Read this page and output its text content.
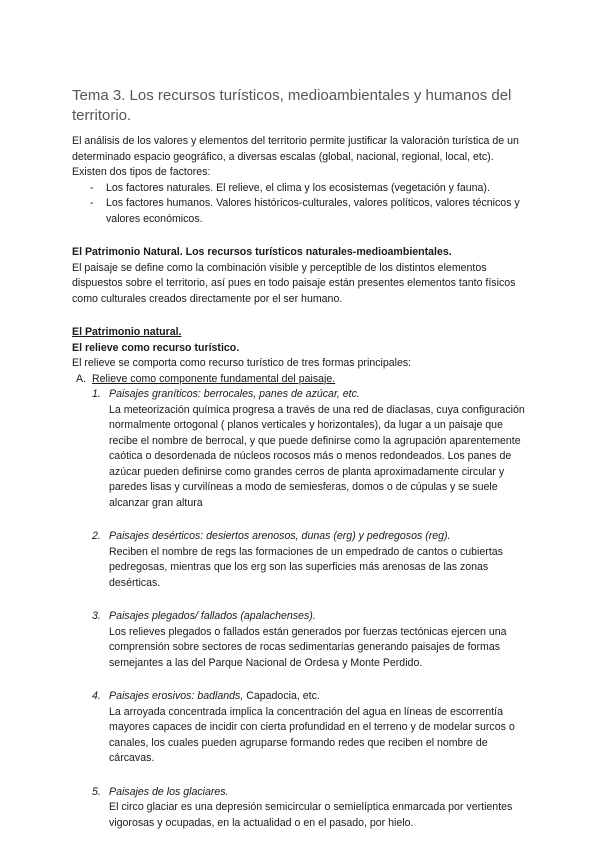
Tema 3. Los recursos turísticos, medioambientales y humanos del territorio.

El análisis de los valores y elementos del territorio permite justificar la valoración turística de un determinado espacio geográfico, a diversas escalas (global, nacional, regional, local, etc). Existen dos tipos de factores:

- Los factores naturales. El relieve, el clima y los ecosistemas (vegetación y fauna).
- Los factores humanos. Valores históricos-culturales, valores políticos, valores técnicos y valores económicos.

El Patrimonio Natural. Los recursos turísticos naturales-medioambientales.

El paisaje se define como la combinación visible y perceptible de los distintos elementos dispuestos sobre el territorio, así pues en todo paisaje están presentes elementos tanto físicos como culturales creados directamente por el ser humano.

El Patrimonio natural.

El relieve como recurso turístico.

El relieve se comporta como recurso turístico de tres formas principales:

A. Relieve como componente fundamental del paisaje.
1. Paisajes graníticos: berrocales, panes de azúcar, etc.
La meteorización química progresa a través de una red de diaclasas, cuya configuración normalmente ortogonal ( planos verticales y horizontales), da lugar a un paisaje que recibe el nombre de berrocal, y que puede definirse como la agrupación aparentemente caótica o desordenada de núcleos rocosos más o menos redondeados. Los panes de azúcar pueden definirse como grandes cerros de planta aproximadamente circular y paredes lisas y curvilíneas a modo de semiesferas, domos o de cúpulas y se suele alcanzar gran altura
2. Paisajes desérticos: desiertos arenosos, dunas (erg) y pedregosos (reg).
Reciben el nombre de regs las formaciones de un empedrado de cantos o cubiertas pedregosas, mientras que los erg son las superficies más arenosas de las zonas desérticas.
3. Paisajes plegados/ fallados (apalachenses).
Los relieves plegados o fallados están generados por fuerzas tectónicas ejercen una comprensión sobre sectores de rocas sedimentarias generando paisajes de formas semejantes a las del Parque Nacional de Ordesa y Monte Perdido.
4. Paisajes erosivos: badlands, Capadocia, etc.
La arroyada concentrada implica la concentración del agua en líneas de escorrentía mayores capaces de incidir con cierta profundidad en el terreno y de modelar surcos o canales, los cuales pueden agruparse formando redes que reciben el nombre de cárcavas.
5. Paisajes de los glaciares.
El circo glaciar es una depresión semicircular o semielíptica enmarcada por vertientes vigorosas y ocupadas, en la actualidad o en el pasado, por hielo.
